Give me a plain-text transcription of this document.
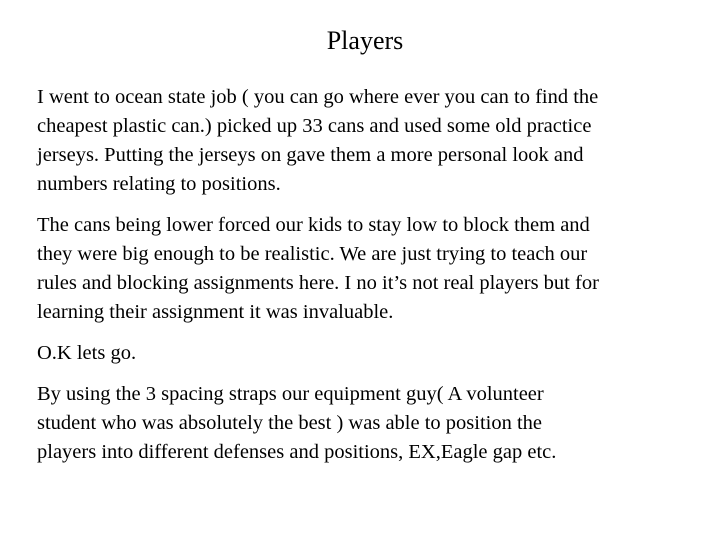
Players

I went to ocean state job ( you can go where ever you can to find the
cheapest plastic can.) picked up 33 cans and used some old practice
jerseys. Putting the jerseys on gave them a more personal look and
numbers relating to positions.

The cans being lower forced our kids to stay low to block them and
they were big enough to be realistic. We are just trying to teach our
rules and blocking assignments here. I no it’s not real players but for
learning their assignment it was invaluable.

O.K lets go.

By using the 3 spacing straps our equipment guy( A volunteer
student who was absolutely the best ) was able to position the
players into different defenses and positions, EX,Eagle gap etc.
